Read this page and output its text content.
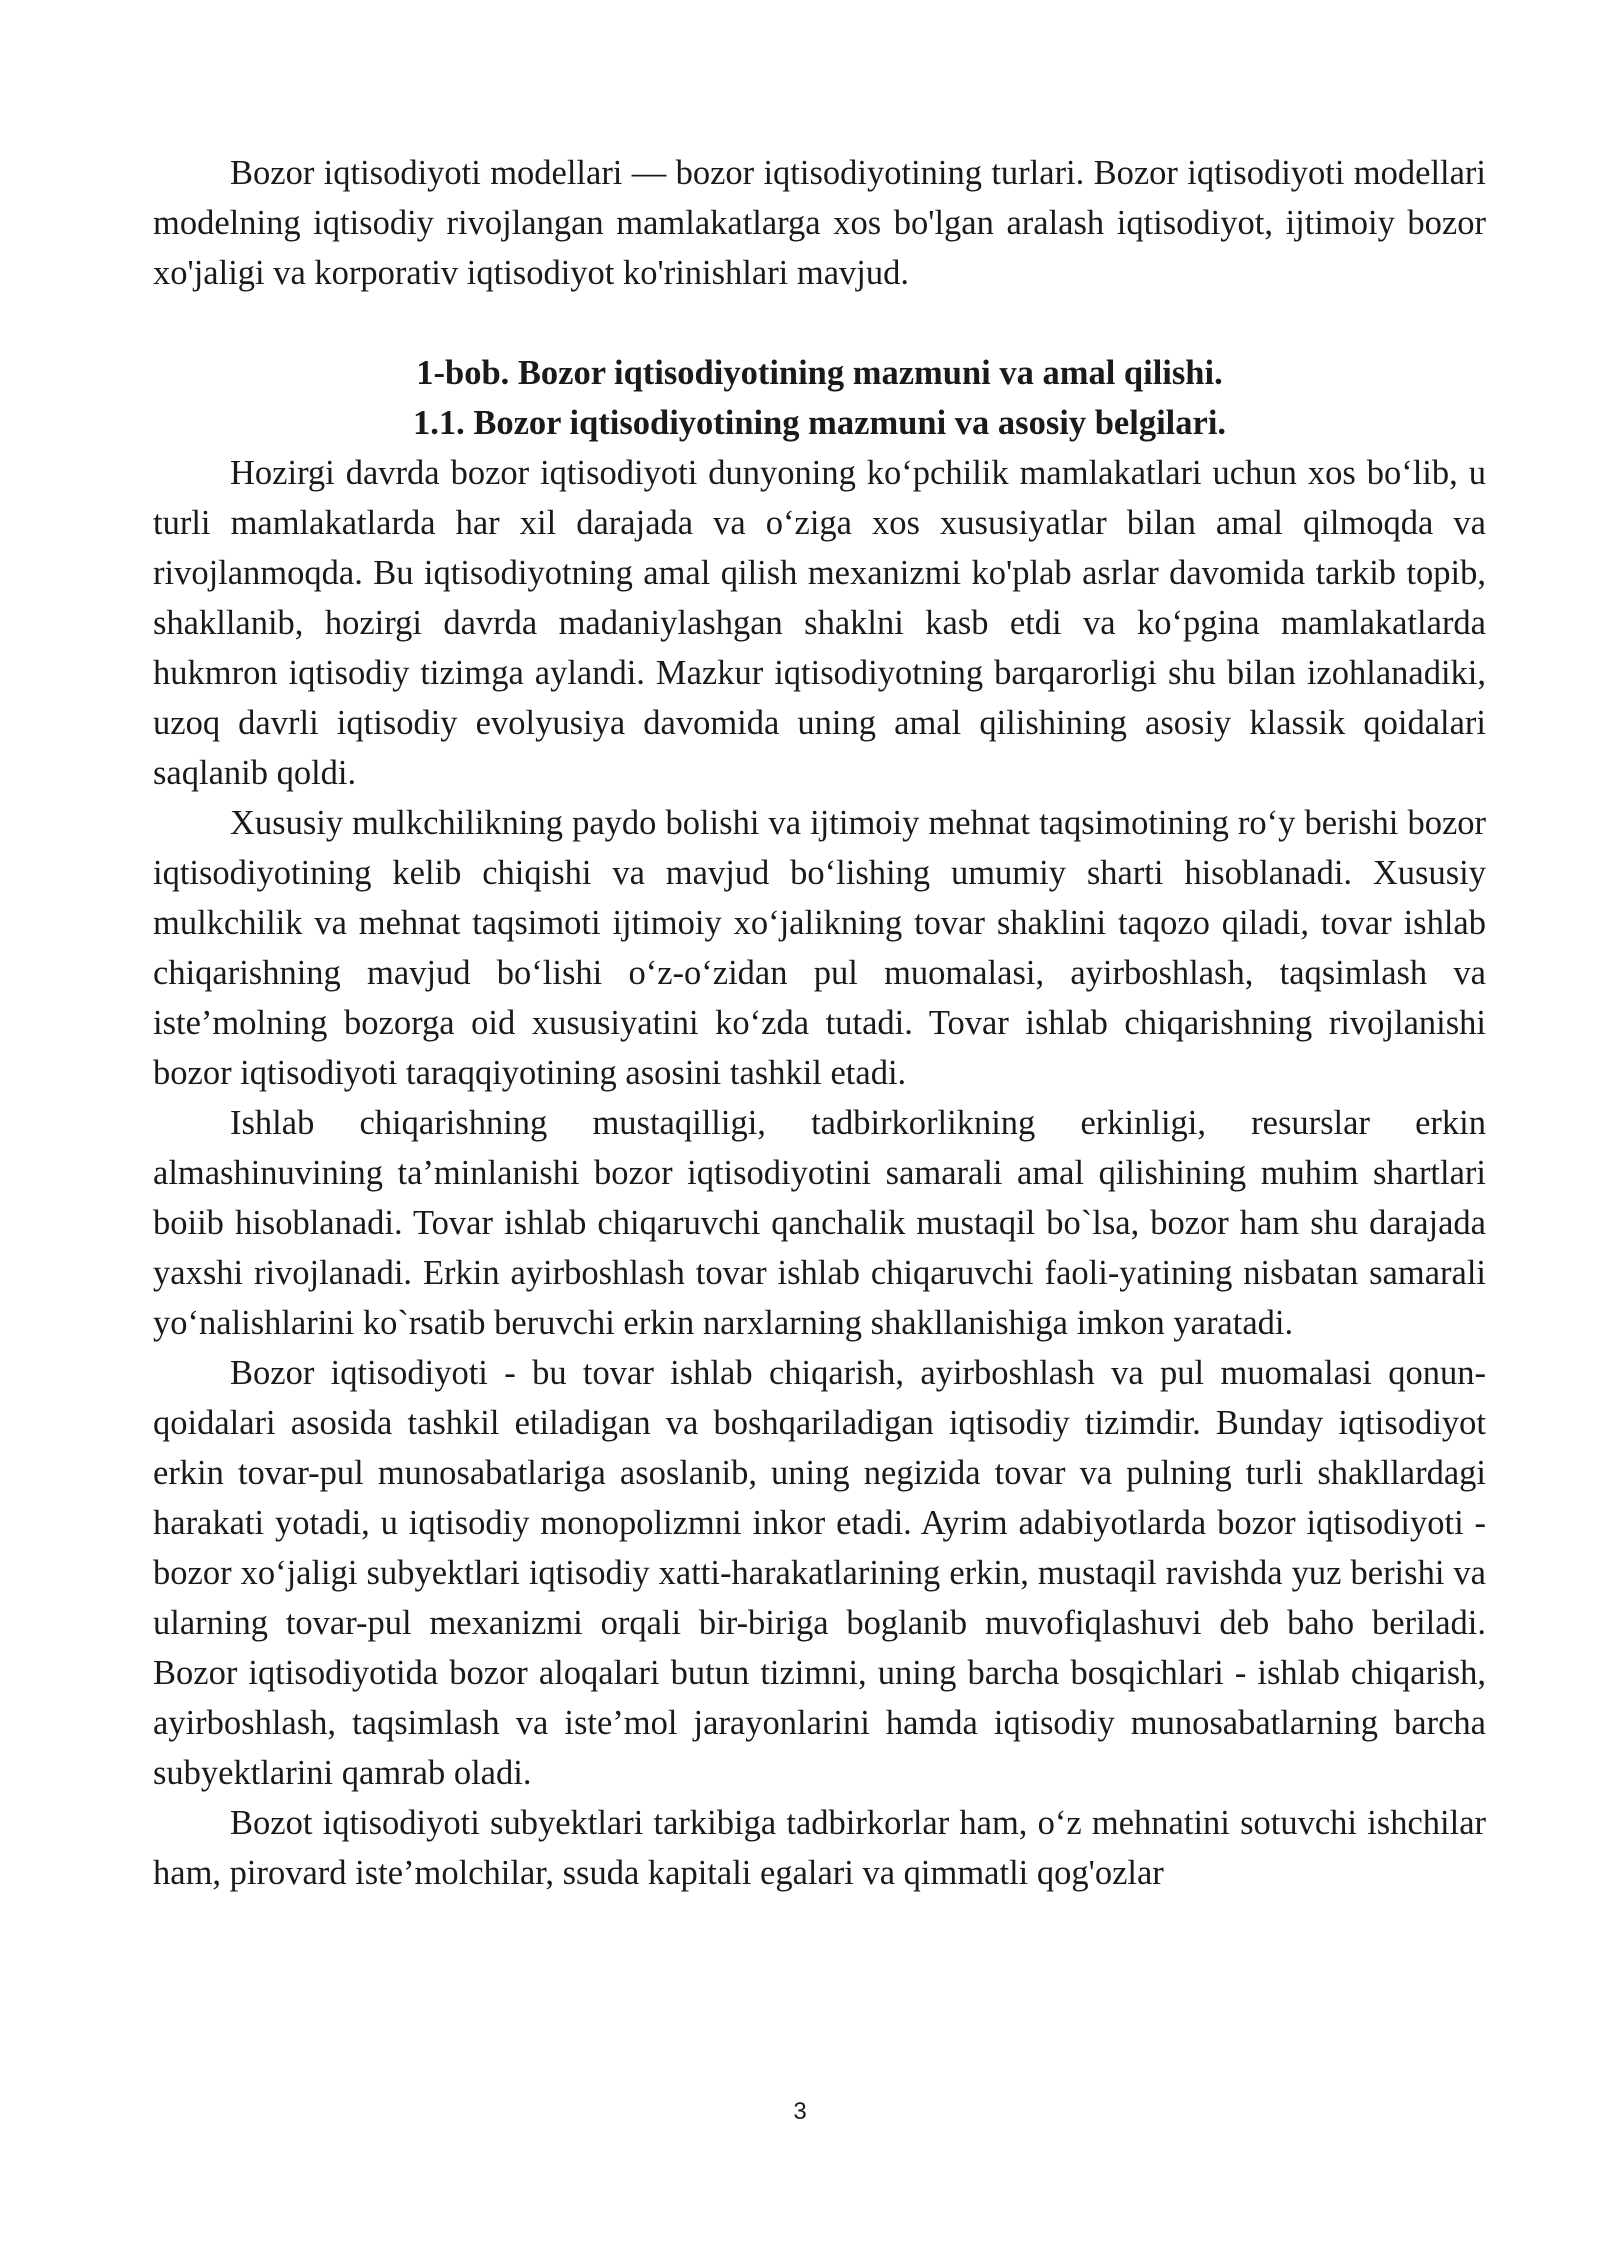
Bozor iqtisodiyoti modellari — bozor iqtisodiyotining turlari. Bozor iqtisodiyoti modellari modelning iqtisodiy rivojlangan mamlakatlarga xos bo'lgan aralash iqtisodiyot, ijtimoiy bozor xo'jaligi va korporativ iqtisodiyot ko'rinishlari mavjud.

1-bob. Bozor iqtisodiyotining mazmuni va amal qilishi.
1.1. Bozor iqtisodiyotining mazmuni va asosiy belgilari.

Hozirgi davrda bozor iqtisodiyoti dunyoning ko‘pchilik mamlakatlari uchun xos bo‘lib, u turli mamlakatlarda har xil darajada va o‘ziga xos xususiyatlar bilan amal qilmoqda va rivojlanmoqda. Bu iqtisodiyotning amal qilish mexanizmi ko'plab asrlar davomida tarkib topib, shakllanib, hozirgi davrda madaniylashgan shaklni kasb etdi va ko‘pgina mamlakatlarda hukmron iqtisodiy tizimga aylandi. Mazkur iqtisodiyotning barqarorligi shu bilan izohlanadiki, uzoq davrli iqtisodiy evolyusiya davomida uning amal qilishining asosiy klassik qoidalari saqlanib qoldi.

Xususiy mulkchilikning paydo bolishi va ijtimoiy mehnat taqsimotining ro‘y berishi bozor iqtisodiyotining kelib chiqishi va mavjud bo‘lishing umumiy sharti hisoblanadi. Xususiy mulkchilik va mehnat taqsimoti ijtimoiy xo‘jalikning tovar shaklini taqozo qiladi, tovar ishlab chiqarishning mavjud bo‘lishi o‘z-o‘zidan pul muomalasi, ayirboshlash, taqsimlash va iste’molning bozorga oid xususiyatini ko‘zda tutadi. Tovar ishlab chiqarishning rivojlanishi bozor iqtisodiyoti taraqqiyotining asosini tashkil etadi.

Ishlab chiqarishning mustaqilligi, tadbirkorlikning erkinligi, resurslar erkin almashinuvining ta’minlanishi bozor iqtisodiyotini samarali amal qilishining muhim shartlari boiib hisoblanadi. Tovar ishlab chiqaruvchi qanchalik mustaqil bo`lsa, bozor ham shu darajada yaxshi rivojlanadi. Erkin ayirboshlash tovar ishlab chiqaruvchi faoli-yatining nisbatan samarali yo‘nalishlarini ko`rsatib beruvchi erkin narxlarning shakllanishiga imkon yaratadi.

Bozor iqtisodiyoti - bu tovar ishlab chiqarish, ayirboshlash va pul muomalasi qonun-qoidalari asosida tashkil etiladigan va boshqariladigan iqtisodiy tizimdir. Bunday iqtisodiyot erkin tovar-pul munosabatlariga asoslanib, uning negizida tovar va pulning turli shakllardagi harakati yotadi, u iqtisodiy monopolizmni inkor etadi. Ayrim adabiyotlarda bozor iqtisodiyoti - bozor xo‘jaligi subyektlari iqtisodiy xatti-harakatlarining erkin, mustaqil ravishda yuz berishi va ularning tovar-pul mexanizmi orqali bir-biriga boglanib muvofiqlashuvi deb baho beriladi. Bozor iqtisodiyotida bozor aloqalari butun tizimni, uning barcha bosqichlari - ishlab chiqarish, ayirboshlash, taqsimlash va iste’mol jarayonlarini hamda iqtisodiy munosabatlarning barcha subyektlarini qamrab oladi.

Bozot iqtisodiyoti subyektlari tarkibiga tadbirkorlar ham, o‘z mehnatini sotuvchi ishchilar ham, pirovard iste’molchilar, ssuda kapitali egalari va qimmatli qog'ozlar

3
